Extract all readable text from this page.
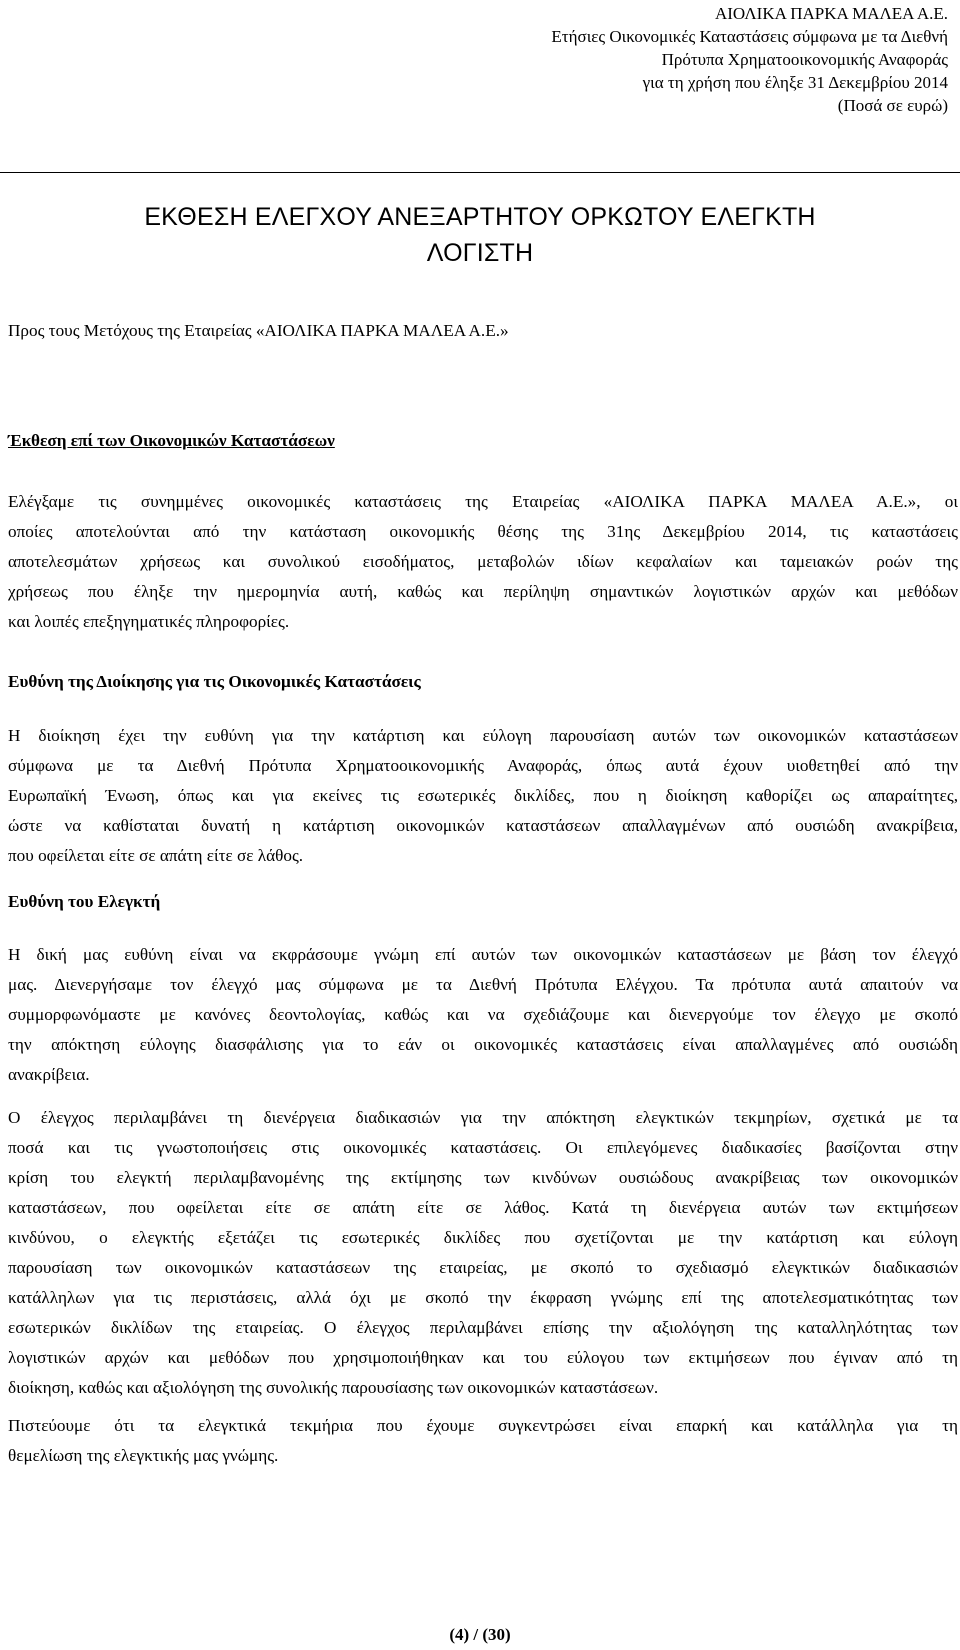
ΑΙΟΛΙΚΑ ΠΑΡΚΑ ΜΑΛΕΑ Α.Ε.
Ετήσιες Οικονομικές Καταστάσεις σύμφωνα με τα Διεθνή
Πρότυπα Χρηματοοικονομικής Αναφοράς
για τη χρήση που έληξε 31 Δεκεμβρίου 2014
(Ποσά σε ευρώ)
ΕΚΘΕΣΗ ΕΛΕΓΧΟΥ ΑΝΕΞΑΡΤΗΤΟΥ ΟΡΚΩΤΟΥ ΕΛΕΓΚΤΗ
ΛΟΓΙΣΤΗ
Προς τους Μετόχους της Εταιρείας «ΑΙΟΛΙΚΑ ΠΑΡΚΑ ΜΑΛΕΑ Α.Ε.»
Έκθεση επί των Οικονομικών Καταστάσεων
Ελέγξαμε τις συνημμένες οικονομικές καταστάσεις της Εταιρείας «ΑΙΟΛΙΚΑ ΠΑΡΚΑ ΜΑΛΕΑ Α.Ε.», οι
οποίες αποτελούνται από την κατάσταση οικονομικής θέσης της 31ης Δεκεμβρίου 2014, τις καταστάσεις
αποτελεσμάτων χρήσεως και συνολικού εισοδήματος, μεταβολών ιδίων κεφαλαίων και ταμειακών ροών της
χρήσεως που έληξε την ημερομηνία αυτή, καθώς και περίληψη σημαντικών λογιστικών αρχών και μεθόδων
και λοιπές επεξηγηματικές πληροφορίες.
Ευθύνη της Διοίκησης για τις Οικονομικές Καταστάσεις
Η διοίκηση έχει την ευθύνη για την κατάρτιση και εύλογη παρουσίαση αυτών των οικονομικών καταστάσεων
σύμφωνα με τα Διεθνή Πρότυπα Χρηματοοικονομικής Αναφοράς, όπως αυτά έχουν υιοθετηθεί από την
Ευρωπαϊκή Ένωση, όπως και για εκείνες τις εσωτερικές δικλίδες, που η διοίκηση καθορίζει ως απαραίτητες,
ώστε να καθίσταται δυνατή η κατάρτιση οικονομικών καταστάσεων απαλλαγμένων από ουσιώδη ανακρίβεια,
που οφείλεται είτε σε απάτη είτε σε λάθος.
Ευθύνη του Ελεγκτή
Η δική μας ευθύνη είναι να εκφράσουμε γνώμη επί αυτών των οικονομικών καταστάσεων με βάση τον έλεγχό
μας. Διενεργήσαμε τον έλεγχό μας σύμφωνα με τα Διεθνή Πρότυπα Ελέγχου. Τα πρότυπα αυτά απαιτούν να
συμμορφωνόμαστε με κανόνες δεοντολογίας, καθώς και να σχεδιάζουμε και διενεργούμε τον έλεγχο με σκοπό
την απόκτηση εύλογης διασφάλισης για το εάν οι οικονομικές καταστάσεις είναι απαλλαγμένες από ουσιώδη
ανακρίβεια.
Ο έλεγχος περιλαμβάνει τη διενέργεια διαδικασιών για την απόκτηση ελεγκτικών τεκμηρίων, σχετικά με τα
ποσά και τις γνωστοποιήσεις στις οικονομικές καταστάσεις. Οι επιλεγόμενες διαδικασίες βασίζονται στην
κρίση του ελεγκτή περιλαμβανομένης της εκτίμησης των κινδύνων ουσιώδους ανακρίβειας των οικονομικών
καταστάσεων, που οφείλεται είτε σε απάτη είτε σε λάθος. Κατά τη διενέργεια αυτών των εκτιμήσεων
κινδύνου, ο ελεγκτής εξετάζει τις εσωτερικές δικλίδες που σχετίζονται με την κατάρτιση και εύλογη
παρουσίαση των οικονομικών καταστάσεων της εταιρείας, με σκοπό το σχεδιασμό ελεγκτικών διαδικασιών
κατάλληλων για τις περιστάσεις, αλλά όχι με σκοπό την έκφραση γνώμης επί της αποτελεσματικότητας των
εσωτερικών δικλίδων της εταιρείας. Ο έλεγχος περιλαμβάνει επίσης την αξιολόγηση της καταλληλότητας των
λογιστικών αρχών και μεθόδων που χρησιμοποιήθηκαν και του εύλογου των εκτιμήσεων που έγιναν από τη
διοίκηση, καθώς και αξιολόγηση της συνολικής παρουσίασης των οικονομικών καταστάσεων.
Πιστεύουμε ότι τα ελεγκτικά τεκμήρια που έχουμε συγκεντρώσει είναι επαρκή και κατάλληλα για τη
θεμελίωση της ελεγκτικής μας γνώμης.
(4) / (30)
